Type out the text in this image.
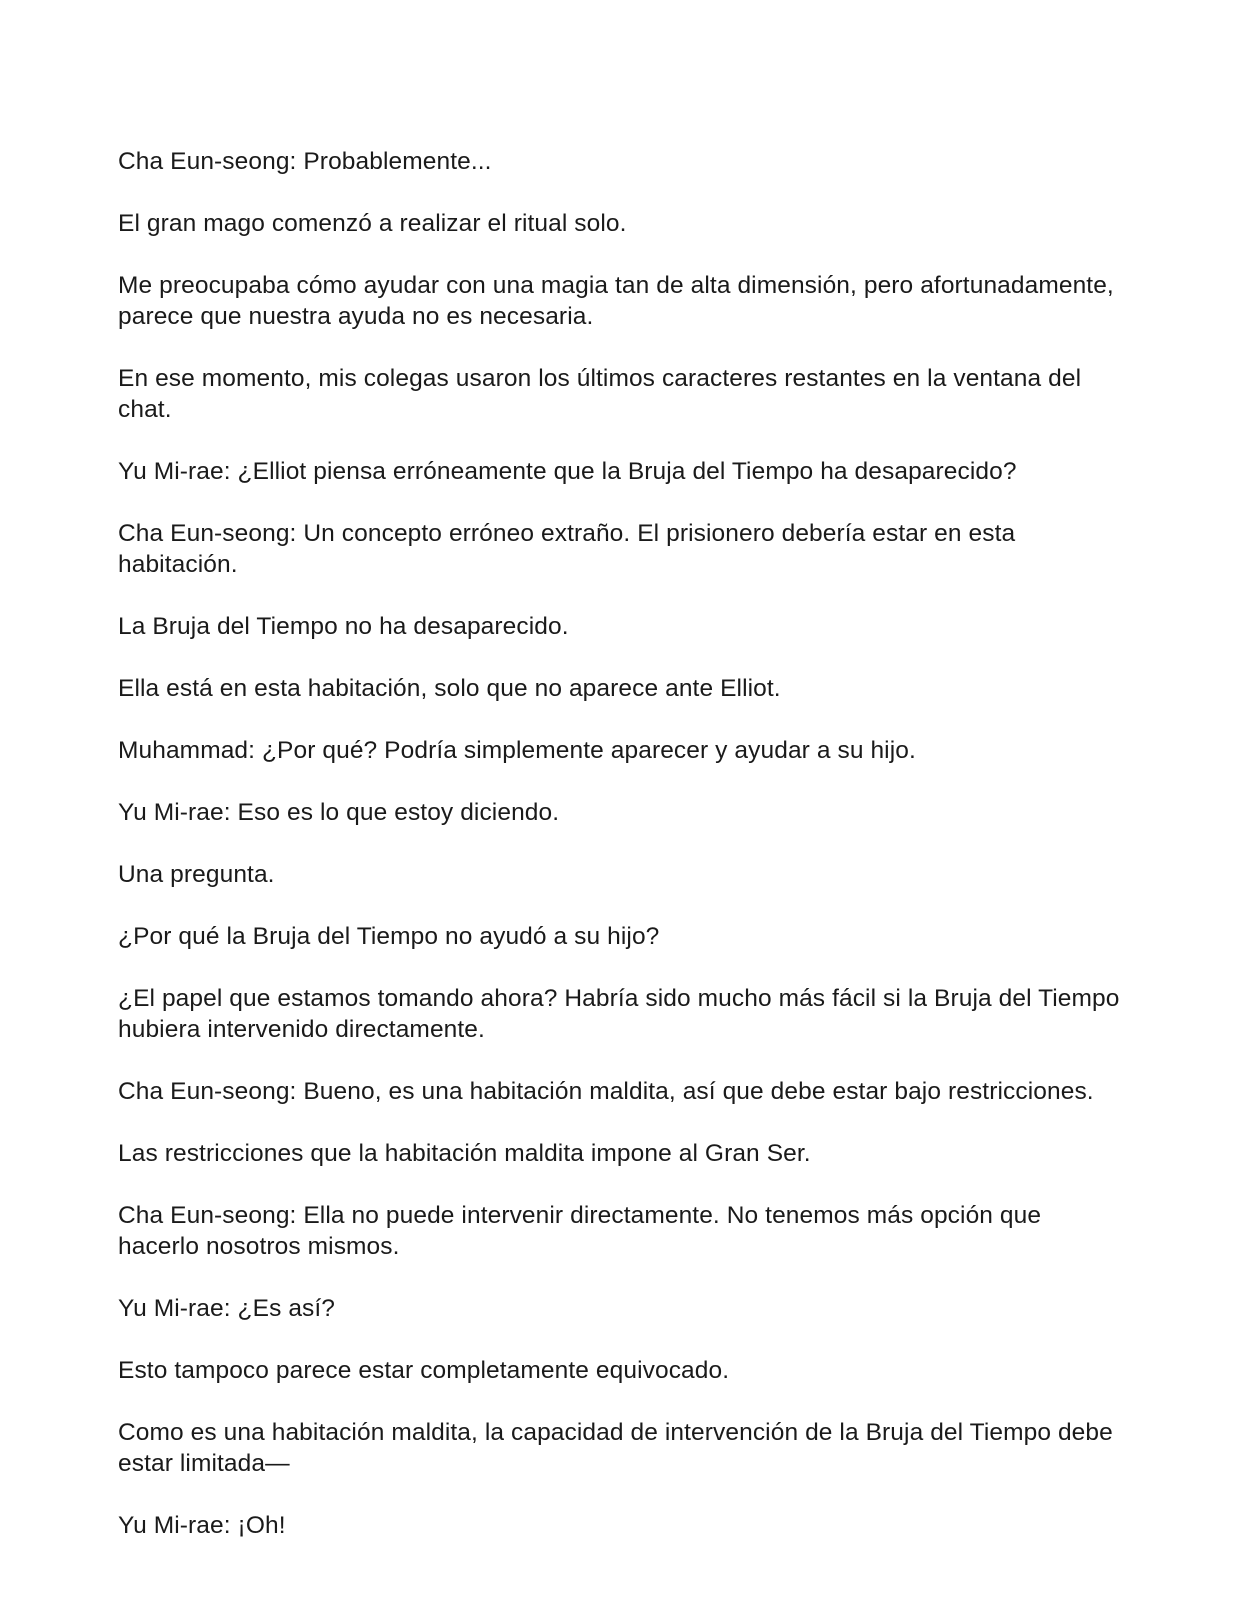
Cha Eun-seong: Probablemente...

El gran mago comenzó a realizar el ritual solo.

Me preocupaba cómo ayudar con una magia tan de alta dimensión, pero afortunadamente, parece que nuestra ayuda no es necesaria.

En ese momento, mis colegas usaron los últimos caracteres restantes en la ventana del chat.

Yu Mi-rae: ¿Elliot piensa erróneamente que la Bruja del Tiempo ha desaparecido?

Cha Eun-seong: Un concepto erróneo extraño. El prisionero debería estar en esta habitación.

La Bruja del Tiempo no ha desaparecido.

Ella está en esta habitación, solo que no aparece ante Elliot.

Muhammad: ¿Por qué? Podría simplemente aparecer y ayudar a su hijo.

Yu Mi-rae: Eso es lo que estoy diciendo.

Una pregunta.

¿Por qué la Bruja del Tiempo no ayudó a su hijo?

¿El papel que estamos tomando ahora? Habría sido mucho más fácil si la Bruja del Tiempo hubiera intervenido directamente.

Cha Eun-seong: Bueno, es una habitación maldita, así que debe estar bajo restricciones.

Las restricciones que la habitación maldita impone al Gran Ser.

Cha Eun-seong: Ella no puede intervenir directamente. No tenemos más opción que hacerlo nosotros mismos.

Yu Mi-rae: ¿Es así?

Esto tampoco parece estar completamente equivocado.

Como es una habitación maldita, la capacidad de intervención de la Bruja del Tiempo debe estar limitada—

Yu Mi-rae: ¡Oh!
